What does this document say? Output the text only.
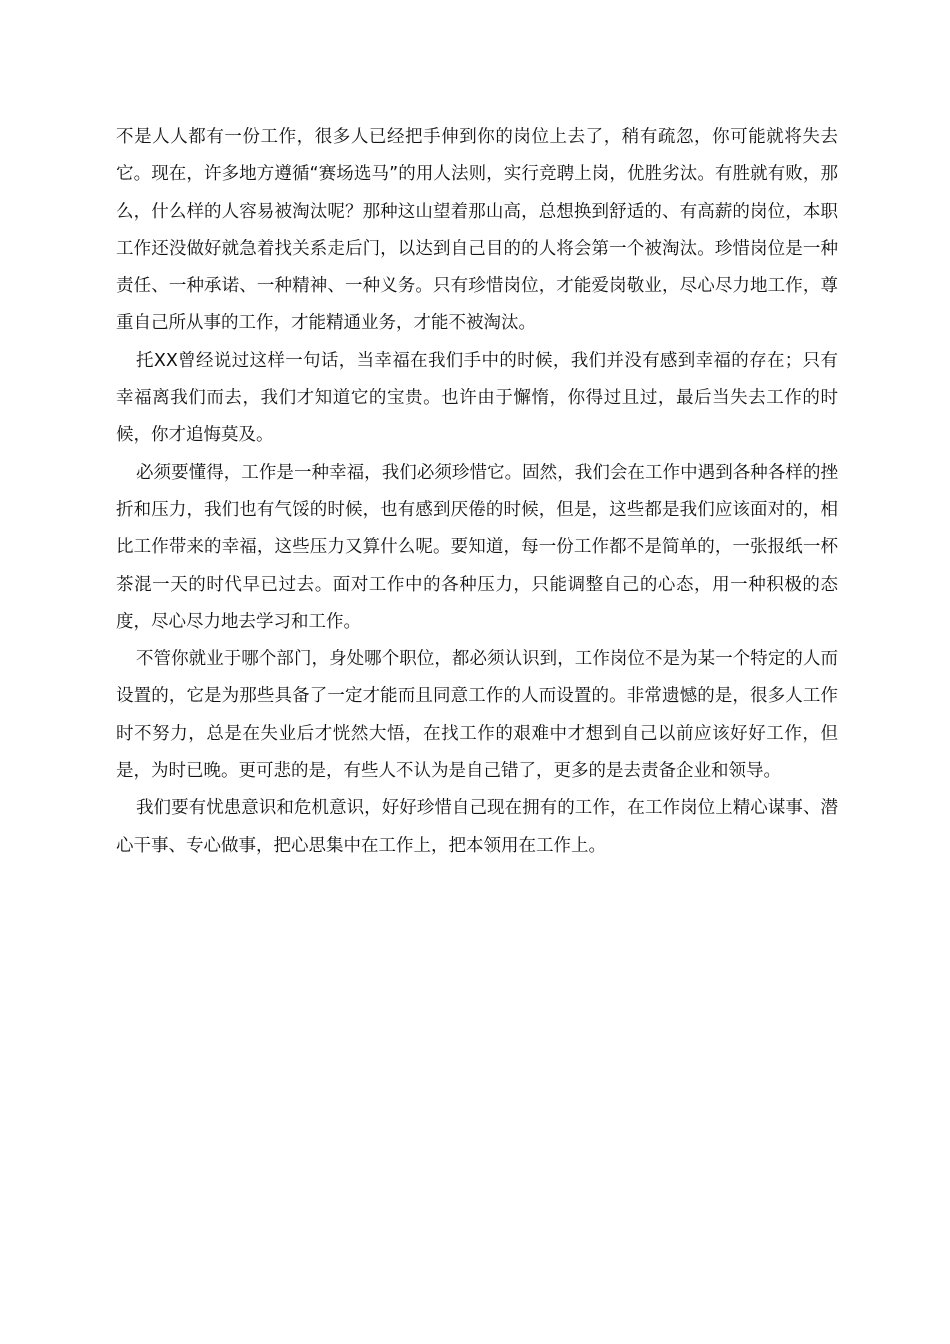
不是人人都有一份工作，很多人已经把手伸到你的岗位上去了，稍有疏忽，你可能就将失去它。现在，许多地方遵循“赛场选马”的用人法则，实行竞聘上岗，优胜劣汰。有胜就有败，那么，什么样的人容易被淘汰呢？那种这山望着那山高，总想换到舒适的、有高薪的岗位，本职工作还没做好就急着找关系走后门，以达到自己目的的人将会第一个被淘汰。珍惜岗位是一种责任、一种承诺、一种精神、一种义务。只有珍惜岗位，才能爱岗敬业，尽心尽力地工作，尊重自己所从事的工作，才能精通业务，才能不被淘汰。

托XX曾经说过这样一句话，当幸福在我们手中的时候，我们并没有感到幸福的存在；只有幸福离我们而去，我们才知道它的宝贵。也许由于懈惰，你得过且过，最后当失去工作的时候，你才追悔莫及。

必须要懂得，工作是一种幸福，我们必须珍惜它。固然，我们会在工作中遇到各种各样的挫折和压力，我们也有气馁的时候，也有感到厌倦的时候，但是，这些都是我们应该面对的，相比工作带来的幸福，这些压力又算什么呢。要知道，每一份工作都不是简单的，一张报纸一杯茶混一天的时代早已过去。面对工作中的各种压力，只能调整自己的心态，用一种积极的态度，尽心尽力地去学习和工作。

不管你就业于哪个部门，身处哪个职位，都必须认识到，工作岗位不是为某一个特定的人而设置的，它是为那些具备了一定才能而且同意工作的人而设置的。非常遗憾的是，很多人工作时不努力，总是在失业后才恍然大悟，在找工作的艰难中才想到自己以前应该好好工作，但是，为时已晚。更可悲的是，有些人不认为是自己错了，更多的是去责备企业和领导。

我们要有忧患意识和危机意识，好好珍惜自己现在拥有的工作，在工作岗位上精心谋事、潜心干事、专心做事，把心思集中在工作上，把本领用在工作上。
